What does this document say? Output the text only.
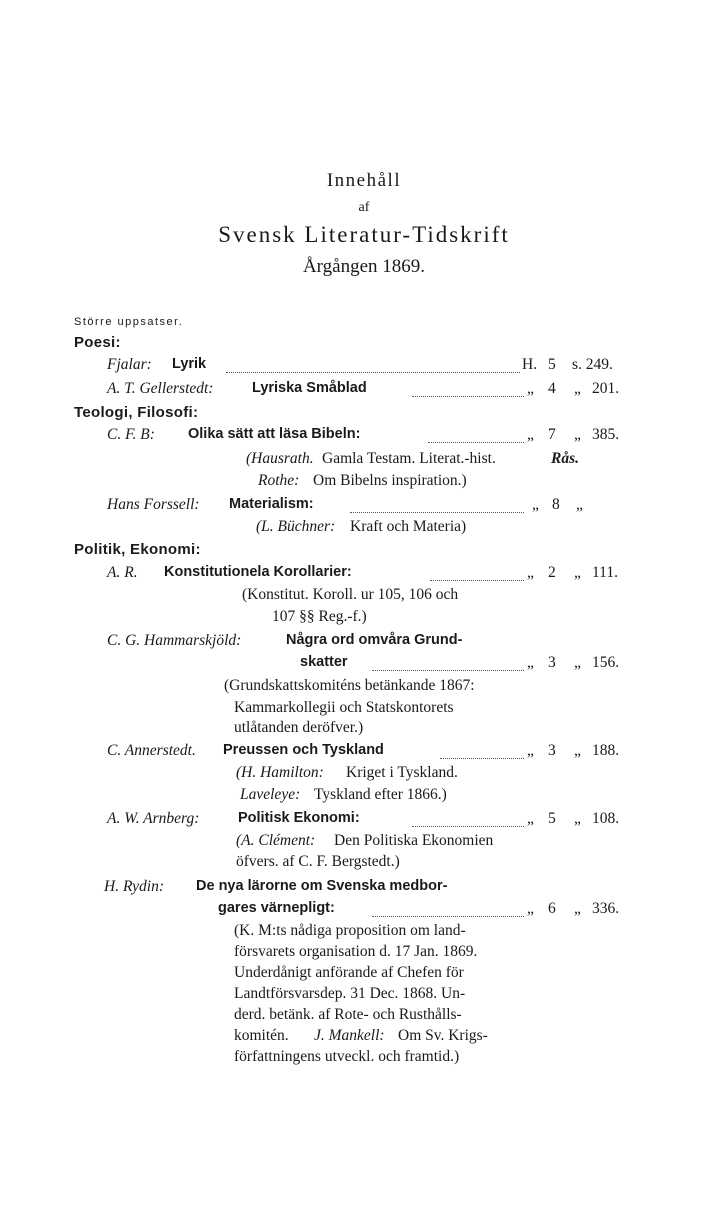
Innehåll
af
Svensk Literatur-Tidskrift
Årgången 1869.
Större uppsatser.
Poesi:
Fjalar: Lyrik	H. 5 s. 249.
A. T. Gellerstedt:	Lyriska Småblad	„ 4 „ 201.
Teologi, Filosofi:
C. F. B: Olika sätt att läsa Bibeln:	„ 7 „ 385.
(Hausrath. Gamla Testam. Literat.-hist.	Rås.
Rothe: Om Bibelns inspiration.)
Hans Forssell: Materialism:	„ 8 „
(L. Büchner: Kraft och Materia)
Politik, Ekonomi:
A. R. Konstitutionela Korollarier:	„ 2 „ 111.
(Konstitut. Koroll. ur 105, 106 och
107 §§ Reg.-f.)
C. G. Hammarskjöld:	Några ord omvåra Grund-
skatter	„ 3 „ 156.
(Grundskattskomiténs betänkande 1867:
Kammarkollegii och Statskontorets
utlåtanden deröfver.)
C. Annerstedt. Preussen och Tyskland	„ 3 „ 188.
(H. Hamilton: Kriget i Tyskland.
Laveleye: Tyskland efter 1866.)
A. W. Arnberg:	Politisk Ekonomi:	„ 5 „ 108.
(A. Clément: Den Politiska Ekonomien
öfvers. af C. F. Bergstedt.)
H. Rydin: De nya lärorne om Svenska medbor-
gares värnepligt:	„ 6 „ 336.
(K. M:ts nådiga proposition om land-
försvarets organisation d. 17 Jan. 1869.
Underdånigt anförande af Chefen för
Landtförsvarsdep. 31 Dec. 1868. Un-
derd. betänk. af Rote- och Rusthålls-
komitén. J. Mankell: Om Sv. Krigs-
författningens utveckl. och framtid.)
